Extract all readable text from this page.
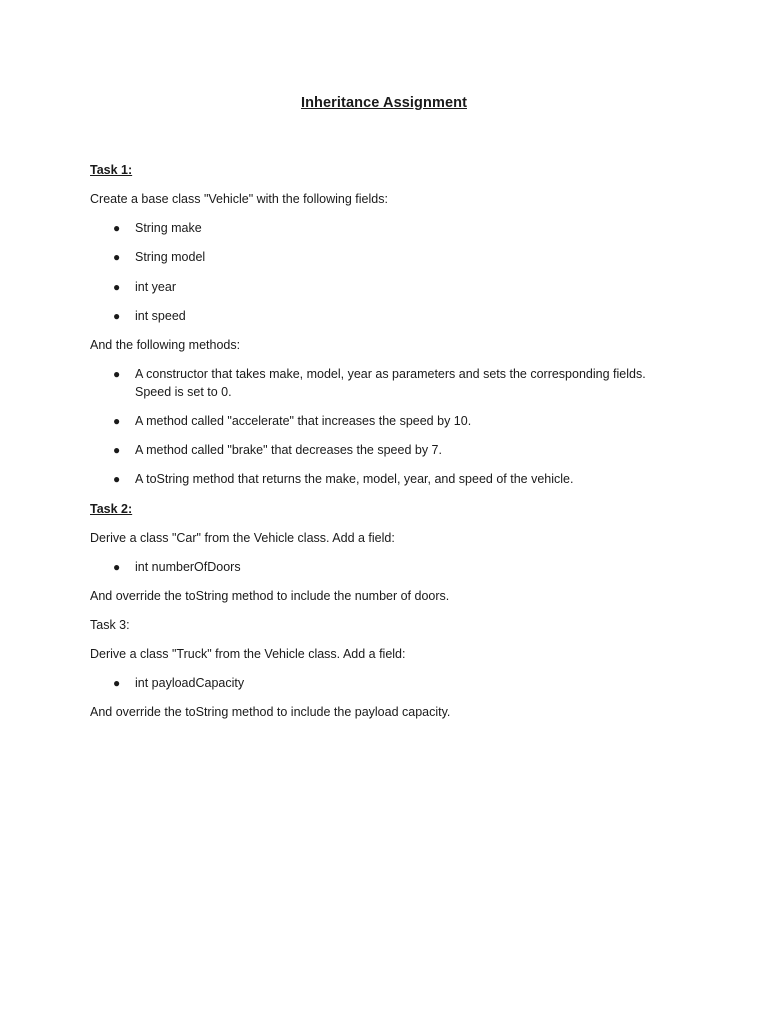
Inheritance Assignment
Task 1:
Create a base class "Vehicle" with the following fields:
● String make
● String model
● int year
● int speed
And the following methods:
● A constructor that takes make, model, year as parameters and sets the corresponding fields.
Speed is set to 0.
● A method called "accelerate" that increases the speed by 10.
● A method called "brake" that decreases the speed by 7.
● A toString method that returns the make, model, year, and speed of the vehicle.
Task 2:
Derive a class "Car" from the Vehicle class. Add a field:
● int numberOfDoors
And override the toString method to include the number of doors.
Task 3:
Derive a class "Truck" from the Vehicle class. Add a field:
● int payloadCapacity
And override the toString method to include the payload capacity.
